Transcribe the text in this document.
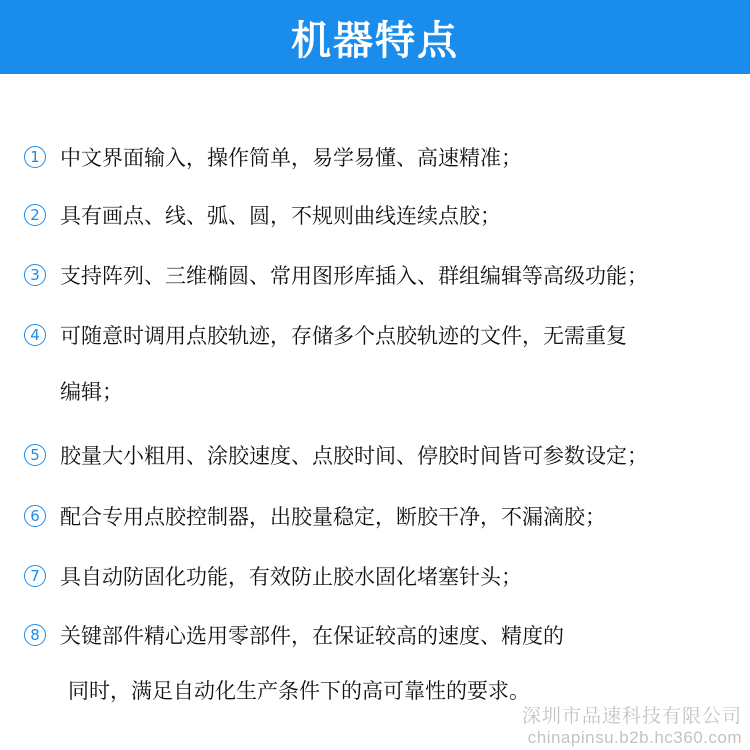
机器特点
1 中文界面输入，操作简单，易学易懂、高速精准；
2 具有画点、线、弧、圆，不规则曲线连续点胶；
3 支持阵列、三维椭圆、常用图形库插入、群组编辑等高级功能；
4 可随意时调用点胶轨迹，存储多个点胶轨迹的文件，无需重复
编辑；
5 胶量大小粗用、涂胶速度、点胶时间、停胶时间皆可参数设定；
6 配合专用点胶控制器，出胶量稳定，断胶干净，不漏滴胶；
7 具自动防固化功能，有效防止胶水固化堵塞针头；
8 关键部件精心选用零部件，在保证较高的速度、精度的
同时，满足自动化生产条件下的高可靠性的要求。
深圳市品速科技有限公司
chinapinsu.b2b.hc360.com
